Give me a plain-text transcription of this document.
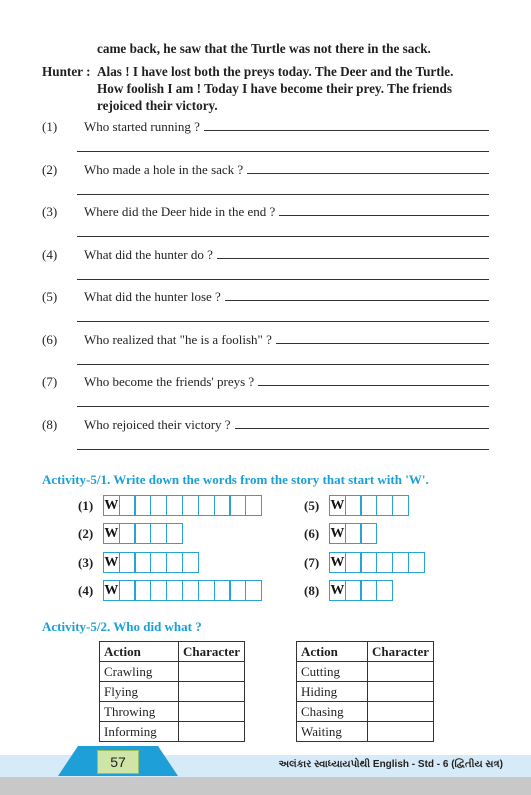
came back, he saw that the Turtle was not there in the sack.
Hunter : Alas ! I have lost both the preys today. The Deer and the Turtle.
How foolish I am ! Today I have become their prey. The friends
rejoiced their victory.
(1) Who started running ?
(2) Who made a hole in the sack ?
(3) Where did the Deer hide in the end ?
(4) What did the hunter do ?
(5) What did the hunter lose ?
(6) Who realized that "he is a foolish" ?
(7) Who become the friends' preys ?
(8) Who rejoiced their victory ?
Activity-5/1. Write down the words from the story that start with 'W'.
(1) W
(2) W
(3) W
(4) W
(5) W
(6) W
(7) W
(8) W
Activity-5/2. Who did what ?
Action	Character
Crawling	
Flying	
Throwing	
Informing	
Action	Character
Cutting	
Hiding	
Chasing	
Waiting	
57	અલંકાર સ્વાધ્યાયપોથી English - Std - 6 (દ્વિતીય સત્ર)
